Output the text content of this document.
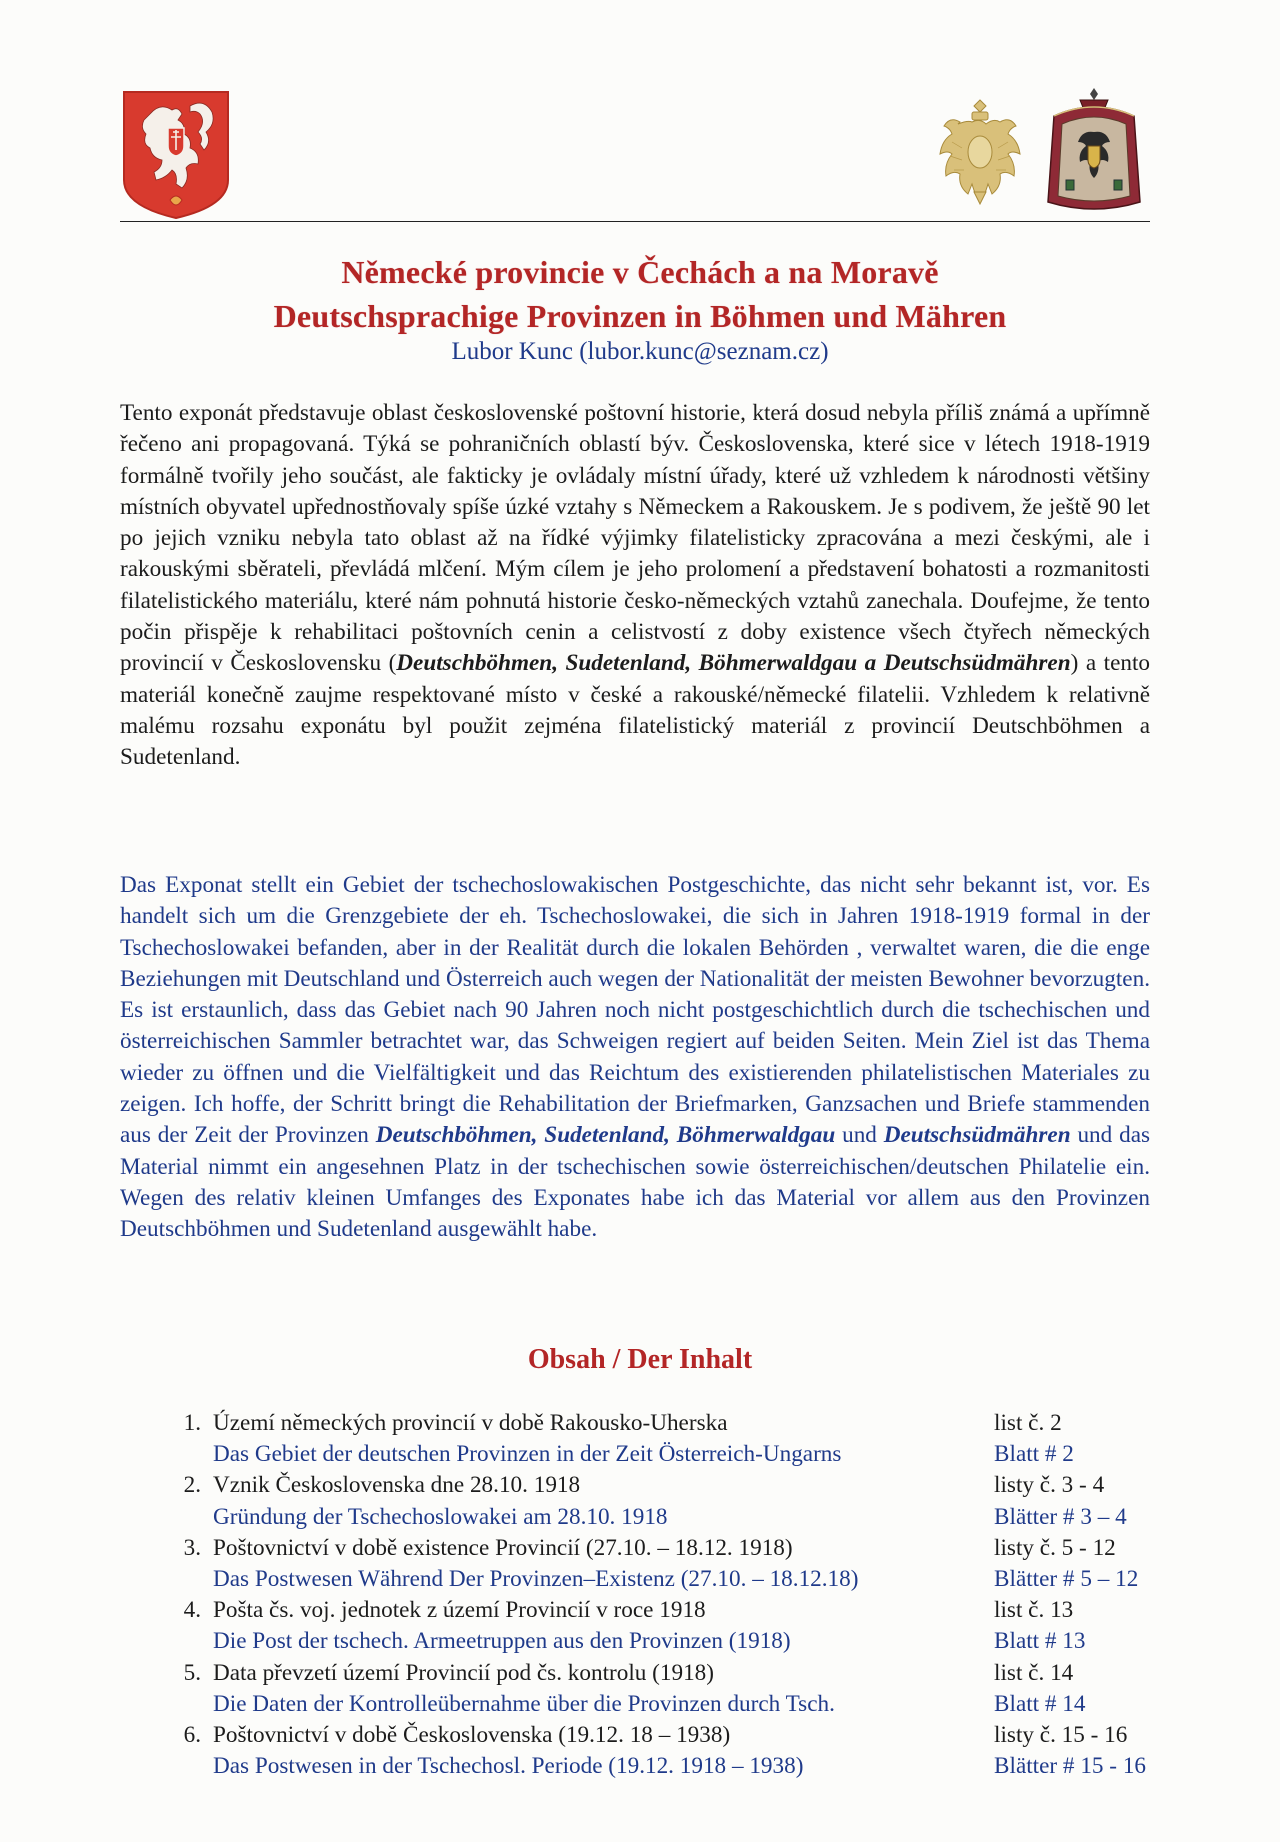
Německé provincie v Čechách a na Moravě
Deutschsprachige Provinzen in Böhmen und Mähren
Lubor Kunc (lubor.kunc@seznam.cz)
Tento exponát představuje oblast československé poštovní historie, která dosud nebyla příliš známá a upřímně řečeno ani propagovaná. Týká se pohraničních oblastí býv. Československa, které sice v létech 1918-1919 formálně tvořily jeho součást, ale fakticky je ovládaly místní úřady, které už vzhledem k národnosti většiny místních obyvatel upřednostňovaly spíše úzké vztahy s Německem a Rakouskem. Je s podivem, že ještě 90 let po jejich vzniku nebyla tato oblast až na řídké výjimky filatelisticky zpracována a mezi českými, ale i rakouskými sběrateli, převládá mlčení. Mým cílem je jeho prolomení a představení bohatosti a rozmanitosti filatelistického materiálu, které nám pohnutá historie česko-německých vztahů zanechala. Doufejme, že tento počin přispěje k rehabilitaci poštovních cenin a celistvostí z doby existence všech čtyřech německých provincií v Československu (Deutschböhmen, Sudetenland, Böhmerwaldgau a Deutschsüdmähren) a tento materiál konečně zaujme respektované místo v české a rakouské/německé filatelii. Vzhledem k relativně malému rozsahu exponátu byl použit zejména filatelistický materiál z provincií Deutschböhmen a Sudetenland.
Das Exponat stellt ein Gebiet der tschechoslowakischen Postgeschichte, das nicht sehr bekannt ist, vor. Es handelt sich um die Grenzgebiete der eh. Tschechoslowakei, die sich in Jahren 1918-1919 formal in der Tschechoslowakei befanden, aber in der Realität durch die lokalen Behörden , verwaltet waren, die die enge Beziehungen mit Deutschland und Österreich auch wegen der Nationalität der meisten Bewohner bevorzugten. Es ist erstaunlich, dass das Gebiet nach 90 Jahren noch nicht postgeschichtlich durch die tschechischen und österreichischen Sammler betrachtet war, das Schweigen regiert auf beiden Seiten. Mein Ziel ist das Thema wieder zu öffnen und die Vielfältigkeit und das Reichtum des existierenden philatelistischen Materiales zu zeigen. Ich hoffe, der Schritt bringt die Rehabilitation der Briefmarken, Ganzsachen und Briefe stammenden aus der Zeit der Provinzen Deutschböhmen, Sudetenland, Böhmerwaldgau und Deutschsüdmähren und das Material nimmt ein angesehnen Platz in der tschechischen sowie österreichischen/deutschen Philatelie ein. Wegen des relativ kleinen Umfanges des Exponates habe ich das Material vor allem aus den Provinzen Deutschböhmen und Sudetenland ausgewählt habe.
Obsah / Der Inhalt
1. Území německých provincií v době Rakousko-Uherska	list č. 2
Das Gebiet der deutschen Provinzen in der Zeit Österreich-Ungarns	Blatt # 2
2. Vznik Československa dne 28.10. 1918	listy č. 3 - 4
Gründung der Tschechoslowakei am 28.10. 1918	Blätter # 3 – 4
3. Poštovnictví v době existence Provincií (27.10. – 18.12. 1918)	listy č. 5 - 12
Das Postwesen Während Der Provinzen–Existenz (27.10. – 18.12.18)	Blätter # 5 – 12
4. Pošta čs. voj. jednotek z území Provincií v roce 1918	list č. 13
Die Post der tschech. Armeetruppen aus den Provinzen (1918)	Blatt # 13
5. Data převzetí území Provincií pod čs. kontrolu (1918)	list č. 14
Die Daten der Kontrolleübernahme über die Provinzen durch Tsch.	Blatt # 14
6. Poštovnictví v době Československa (19.12. 18 – 1938)	listy č. 15 - 16
Das Postwesen in der Tschechosl. Periode (19.12. 1918 – 1938)	Blätter # 15 - 16
